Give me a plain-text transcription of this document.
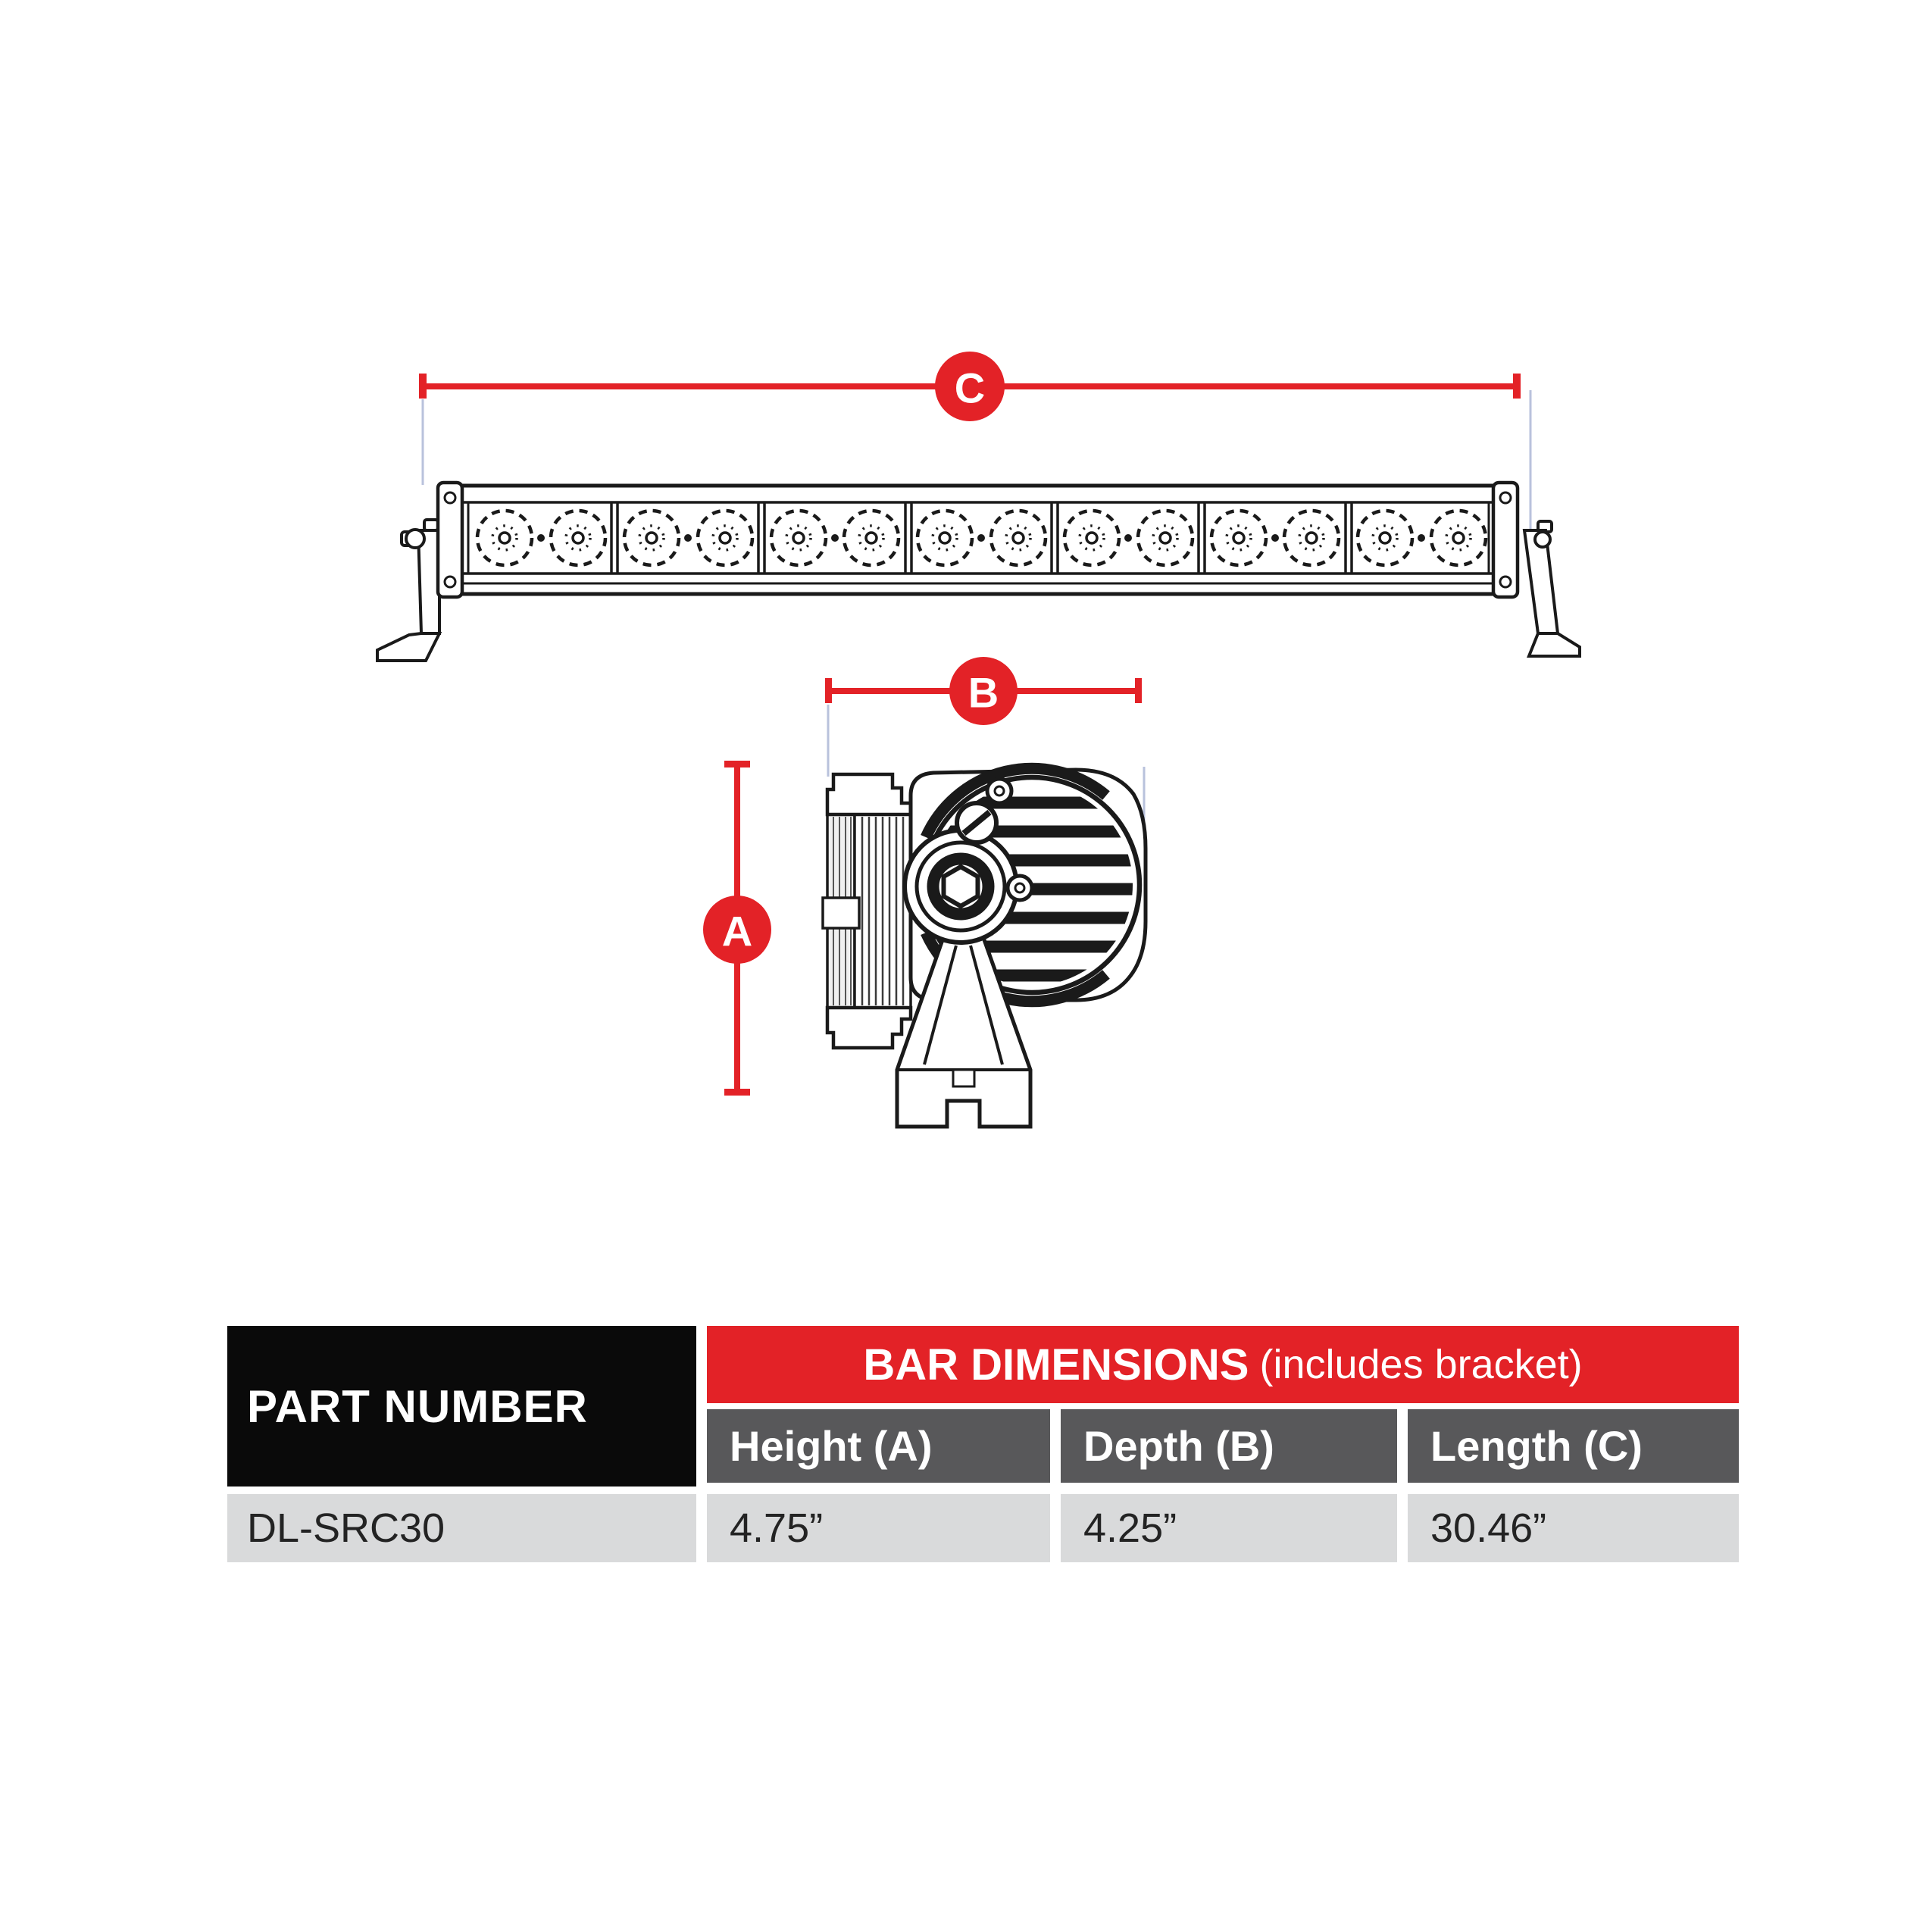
C
B
A
PART NUMBER
BAR DIMENSIONS (includes bracket)
Height (A)	Depth (B)	Length (C)
DL-SRC30	4.75”	4.25”	30.46”
